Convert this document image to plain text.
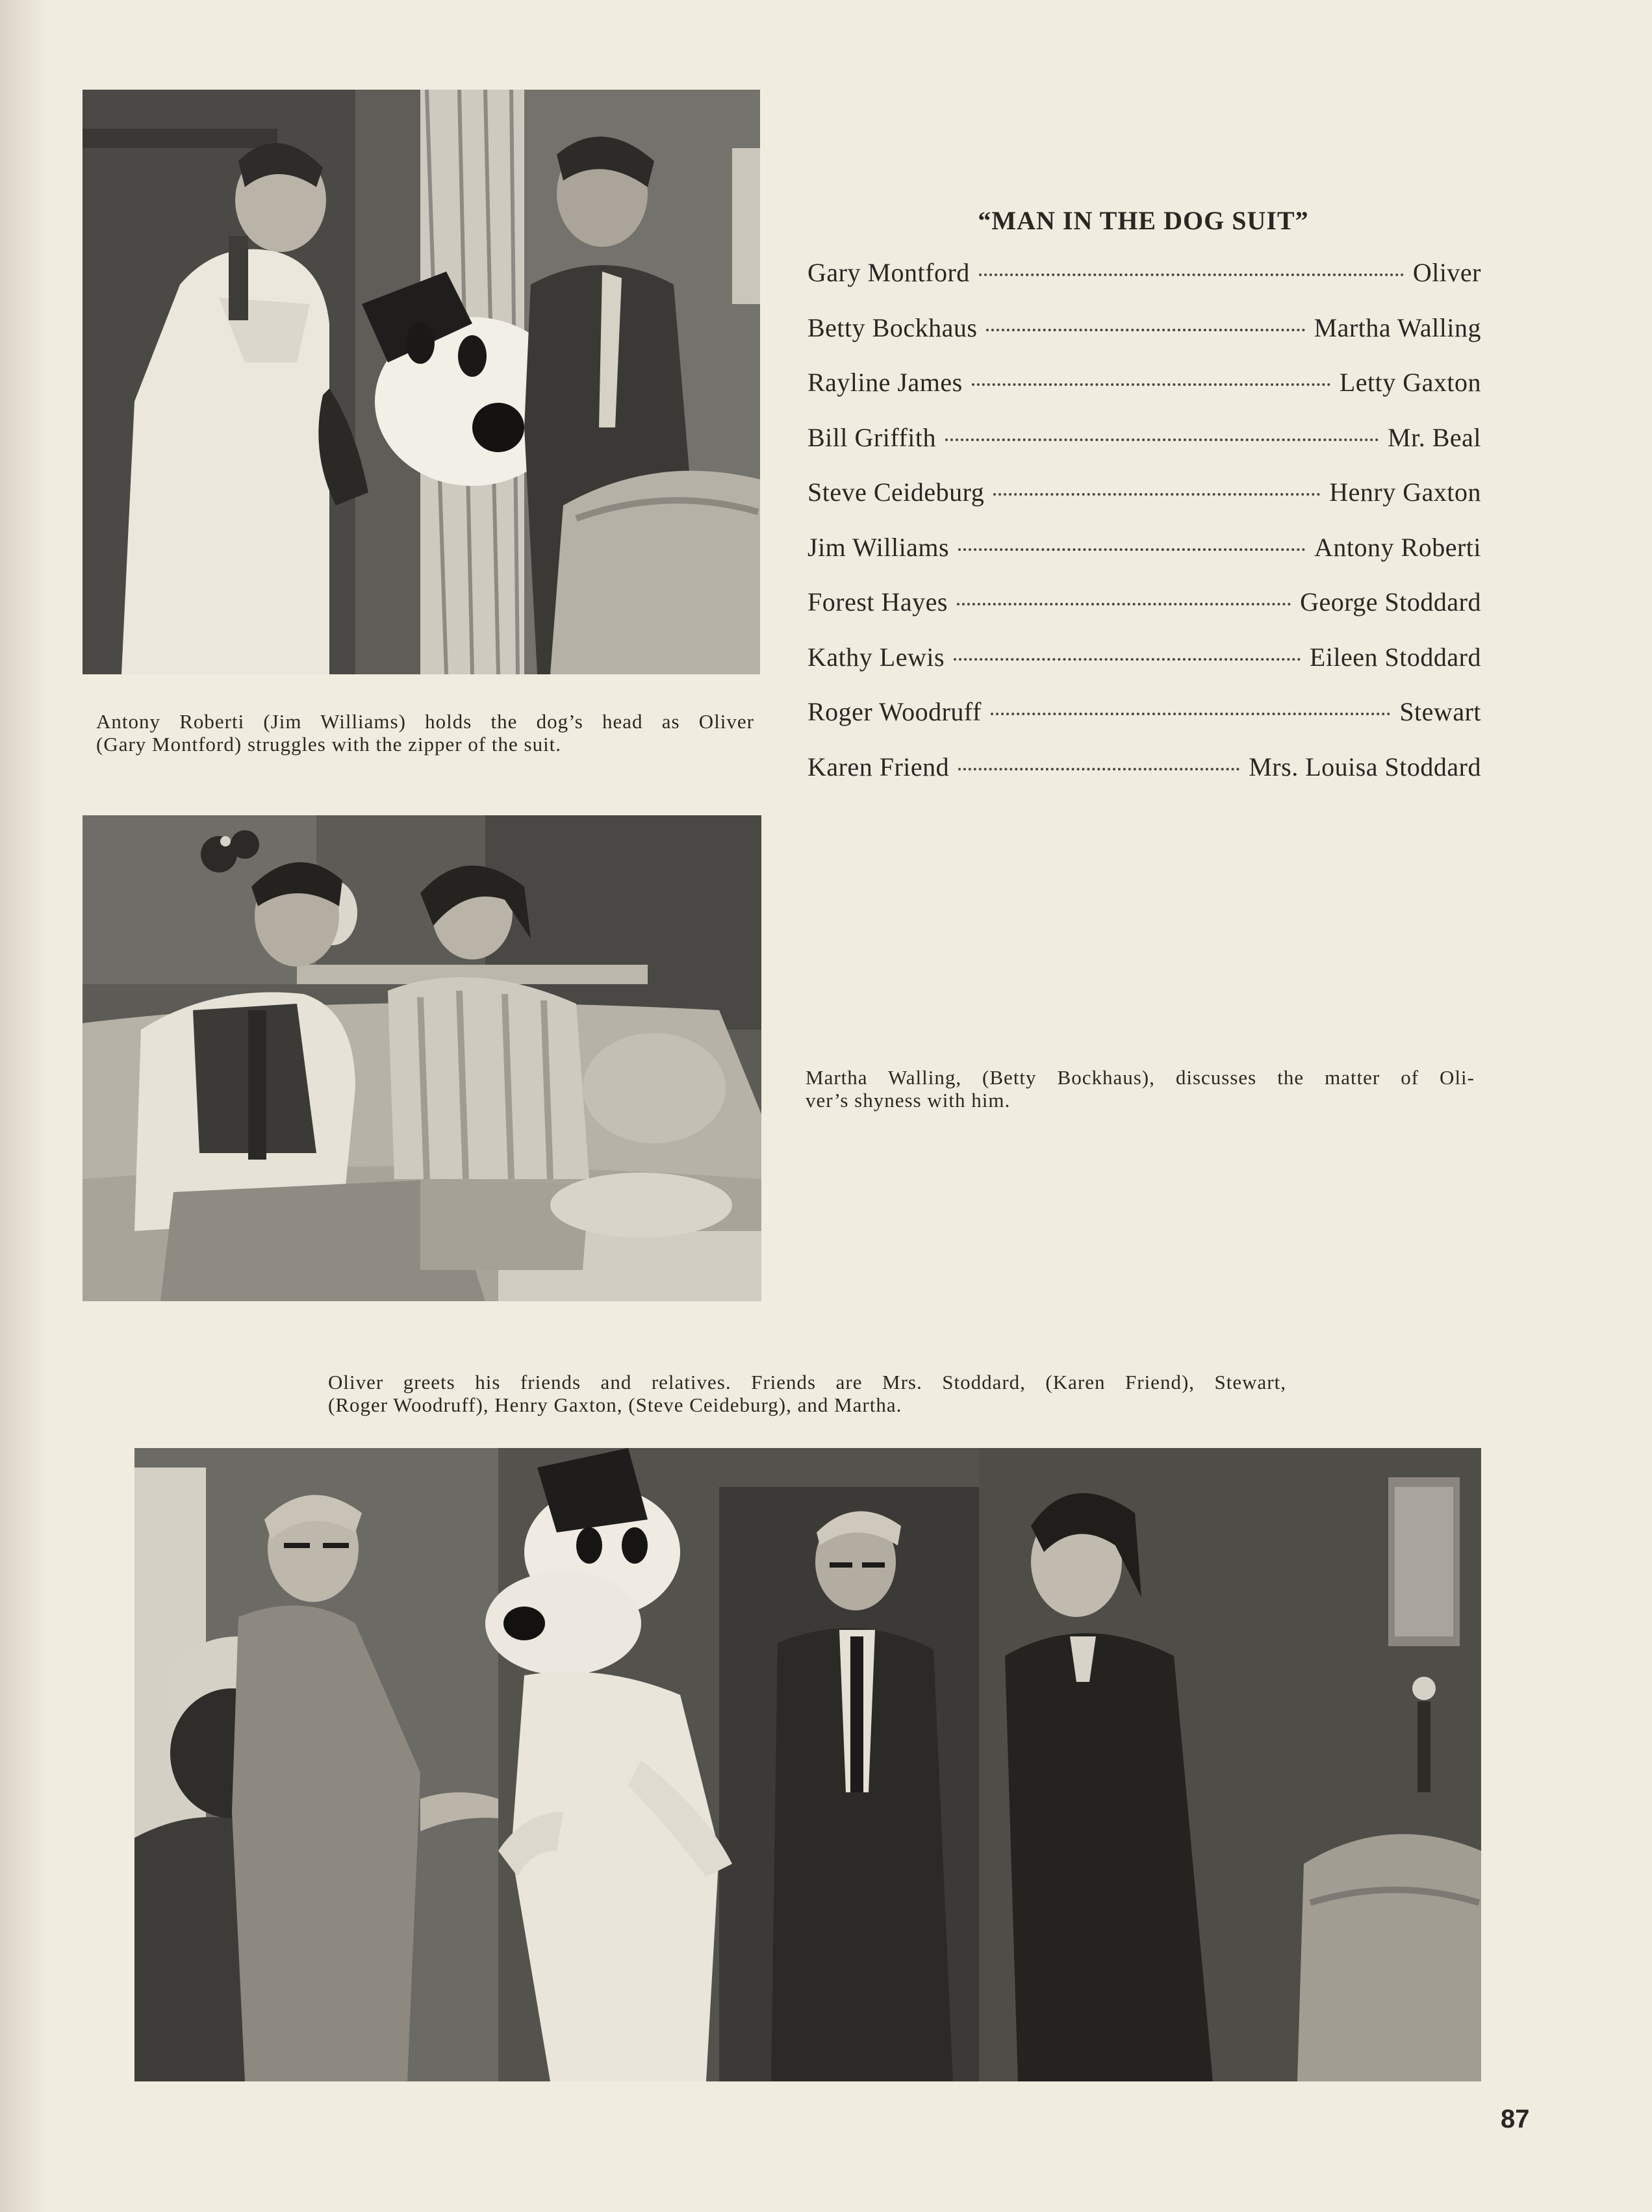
Antony Roberti (Jim Williams) holds the dog’s head as Oliver
(Gary Montford) struggles with the zipper of the suit.
“MAN IN THE DOG SUIT”
Gary Montford	Oliver
Betty Bockhaus	Martha Walling
Rayline James	Letty Gaxton
Bill Griffith	Mr. Beal
Steve Ceideburg	Henry Gaxton
Jim Williams	Antony Roberti
Forest Hayes	George Stoddard
Kathy Lewis	Eileen Stoddard
Roger Woodruff	Stewart
Karen Friend	Mrs. Louisa Stoddard
Martha Walling, (Betty Bockhaus), discusses the matter of Oli-
ver’s shyness with him.
Oliver greets his friends and relatives. Friends are Mrs. Stoddard, (Karen Friend), Stewart,
(Roger Woodruff), Henry Gaxton, (Steve Ceideburg), and Martha.
87
